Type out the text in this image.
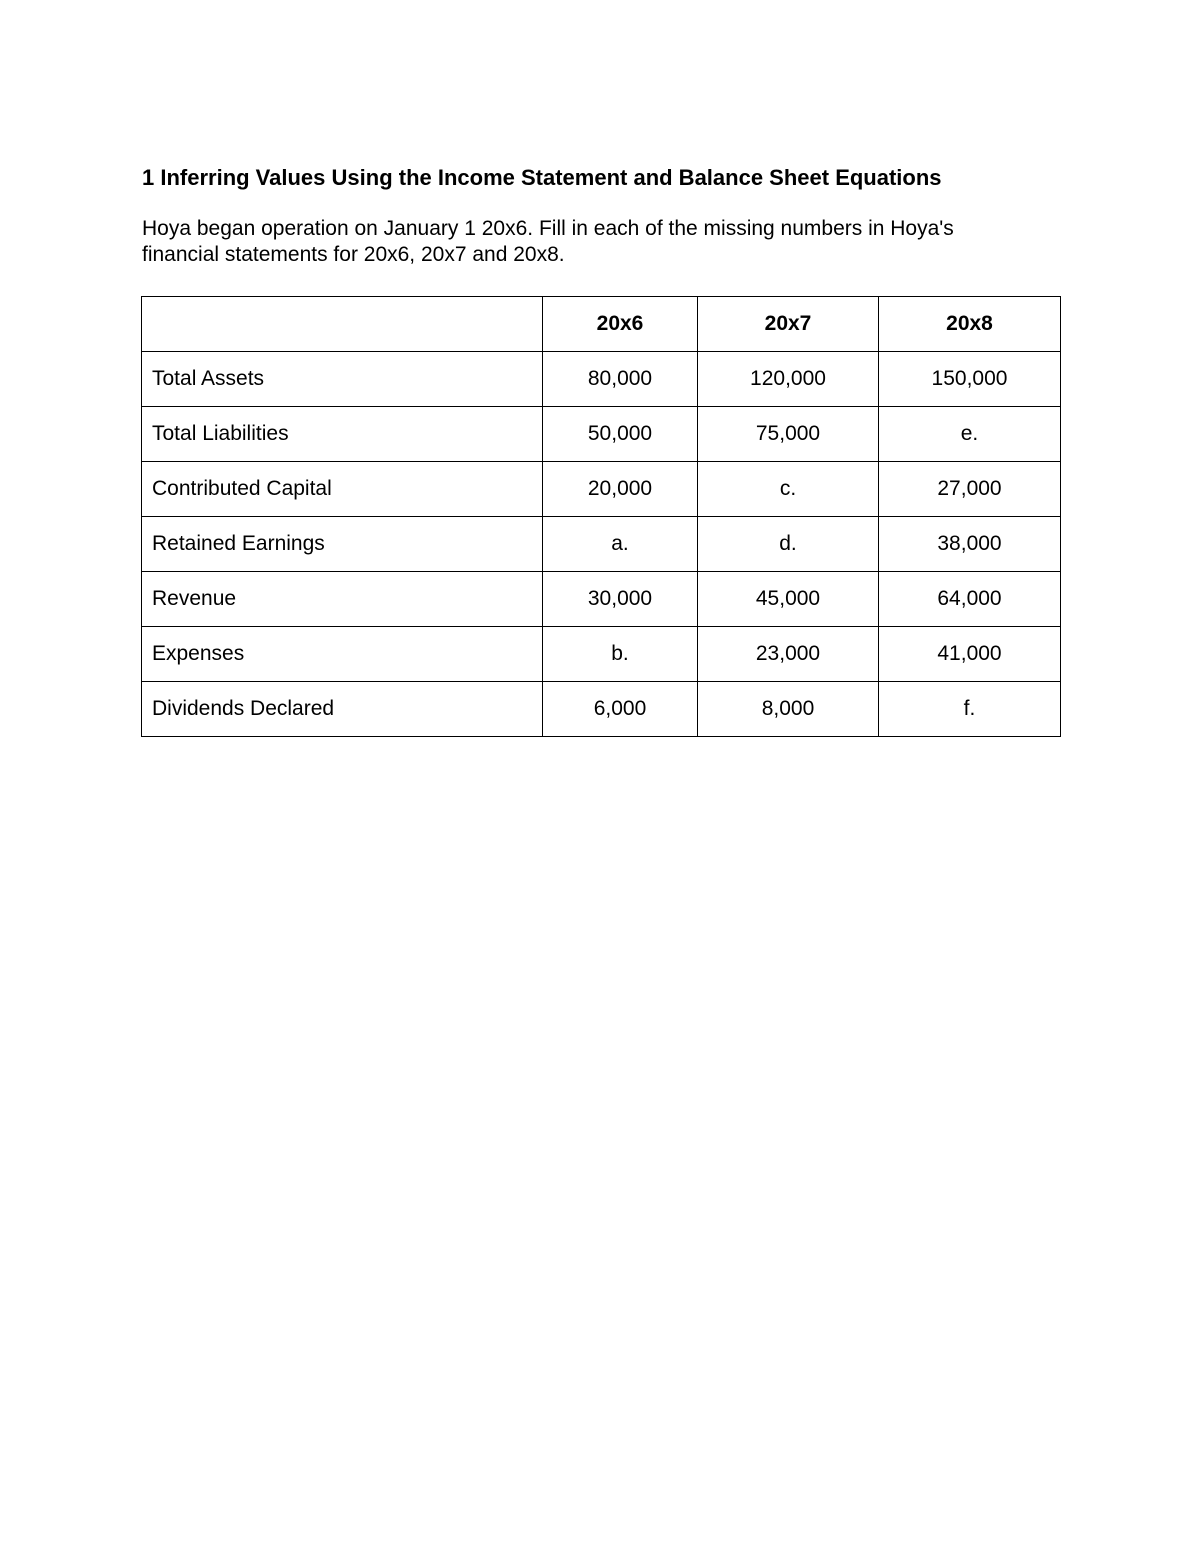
1 Inferring Values Using the Income Statement and Balance Sheet Equations
Hoya began operation on January 1 20x6. Fill in each of the missing numbers in Hoya's
financial statements for 20x6, 20x7 and 20x8.
	20x6	20x7	20x8
Total Assets	80,000	120,000	150,000
Total Liabilities	50,000	75,000	e.
Contributed Capital	20,000	c.	27,000
Retained Earnings	a.	d.	38,000
Revenue	30,000	45,000	64,000
Expenses	b.	23,000	41,000
Dividends Declared	6,000	8,000	f.
